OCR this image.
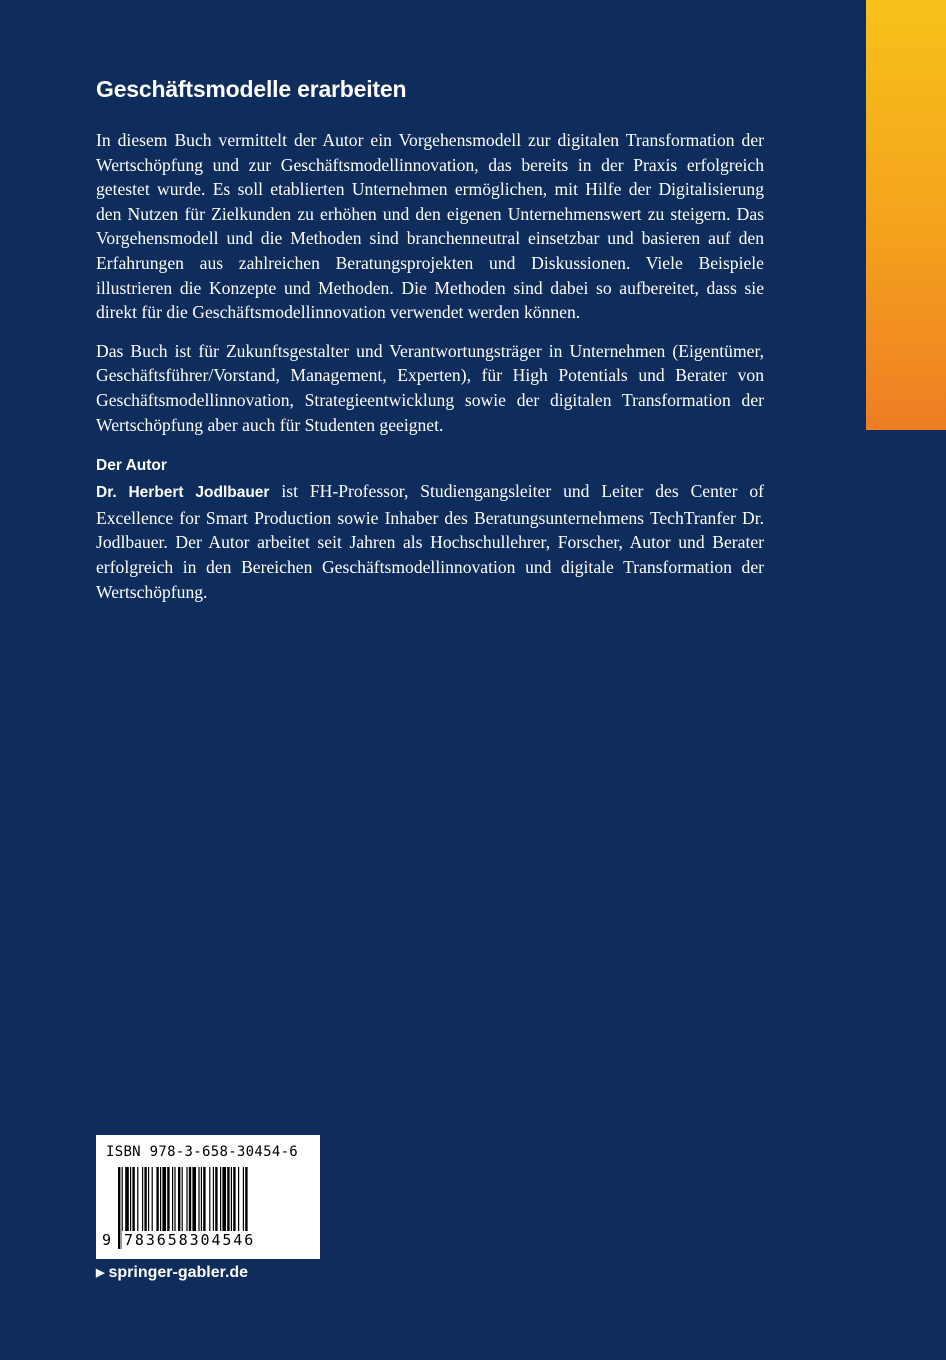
Geschäftsmodelle erarbeiten

In diesem Buch vermittelt der Autor ein Vorgehensmodell zur digitalen Transformation der Wertschöpfung und zur Geschäftsmodellinnovation, das bereits in der Praxis erfolgreich getestet wurde. Es soll etablierten Unternehmen ermöglichen, mit Hilfe der Digitalisierung den Nutzen für Zielkunden zu erhöhen und den eigenen Unternehmenswert zu steigern. Das Vorgehensmodell und die Methoden sind branchenneutral einsetzbar und basieren auf den Erfahrungen aus zahlreichen Beratungsprojekten und Diskussionen. Viele Beispiele illustrieren die Konzepte und Methoden. Die Methoden sind dabei so aufbereitet, dass sie direkt für die Geschäftsmodellinnovation verwendet werden können.

Das Buch ist für Zukunftsgestalter und Verantwortungsträger in Unternehmen (Eigentümer, Geschäftsführer/Vorstand, Management, Experten), für High Potentials und Berater von Geschäftsmodellinnovation, Strategieentwicklung sowie der digitalen Transformation der Wertschöpfung aber auch für Studenten geeignet.

Der Autor

Dr. Herbert Jodlbauer ist FH-Professor, Studiengangsleiter und Leiter des Center of Excellence for Smart Production sowie Inhaber des Beratungsunternehmens TechTranfer Dr. Jodlbauer. Der Autor arbeitet seit Jahren als Hochschullehrer, Forscher, Autor und Berater erfolgreich in den Bereichen Geschäftsmodellinnovation und digitale Transformation der Wertschöpfung.

ISBN 978-3-658-30454-6
9 783658304546
▶ springer-gabler.de
